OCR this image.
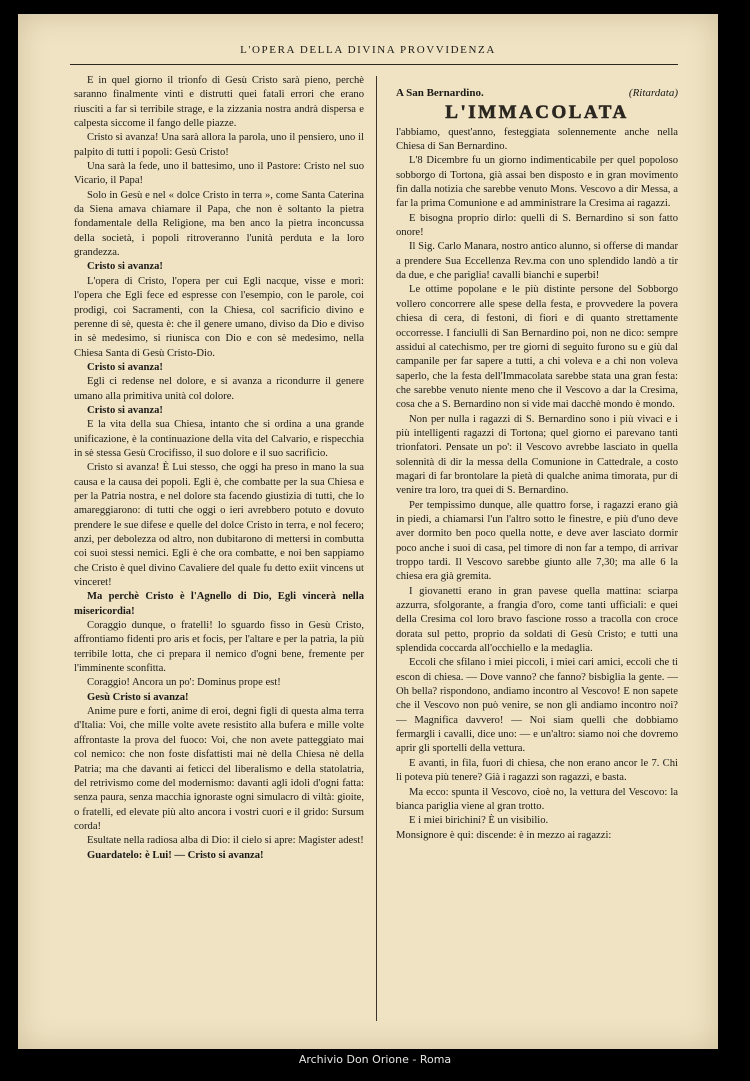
L'OPERA DELLA DIVINA PROVVIDENZA

E in quel giorno il trionfo di Gesù Cristo sarà pieno, perchè saranno finalmente vinti e distrutti quei fatali errori che erano riusciti a far sì terribile strage, e la zizzania nostra andrà dispersa e calpesta siccome il fango delle piazze.

Cristo si avanza! Una sarà allora la parola, uno il pensiero, uno il palpito di tutti i popoli: Gesù Cristo!

Una sarà la fede, uno il battesimo, uno il Pastore: Cristo nel suo Vicario, il Papa!

Solo in Gesù e nel « dolce Cristo in terra », come Santa Caterina da Siena amava chiamare il Papa, che non è soltanto la pietra fondamentale della Religione, ma ben anco la pietra inconcussa della società, i popoli ritroveranno l'unità perduta e la loro grandezza.

Cristo si avanza!

L'opera di Cristo, l'opera per cui Egli nacque, visse e morì: l'opera che Egli fece ed espresse con l'esempio, con le parole, coi prodigi, coi Sacramenti, con la Chiesa, col sacrificio divino e perenne di sè, questa è: che il genere umano, diviso da Dio e diviso in sè medesimo, si riunisca con Dio e con sè medesimo, nella Chiesa Santa di Gesù Cristo-Dio.

Cristo si avanza!

Egli ci redense nel dolore, e si avanza a ricondurre il genere umano alla primitiva unità col dolore.

Cristo si avanza!

E la vita della sua Chiesa, intanto che si ordina a una grande unificazione, è la continuazione della vita del Calvario, e rispecchia in sè stessa Gesù Crocifisso, il suo dolore e il suo sacrificio.

Cristo si avanza! È Lui stesso, che oggi ha preso in mano la sua causa e la causa dei popoli. Egli è, che combatte per la sua Chiesa e per la Patria nostra, e nel dolore sta facendo giustizia di tutti, che lo amareggiarono: di tutti che oggi o ieri avrebbero potuto e dovuto prendere le sue difese e quelle del dolce Cristo in terra, e nol fecero; anzi, per debolezza od altro, non dubitarono di mettersi in combutta coi suoi stessi nemici. Egli è che ora combatte, e noi ben sappiamo che Cristo è quel divino Cavaliere del quale fu detto exiit vincens ut vinceret!

Ma perchè Cristo è l'Agnello di Dio, Egli vincerà nella misericordia!

Coraggio dunque, o fratelli! lo sguardo fisso in Gesù Cristo, affrontiamo fidenti pro aris et focis, per l'altare e per la patria, la più terribile lotta, che ci prepara il nemico d'ogni bene, fremente per l'imminente sconfitta.

Coraggio! Ancora un po': Dominus prope est!

Gesù Cristo si avanza!

Anime pure e forti, anime di eroi, degni figli di questa alma terra d'Italia: Voi, che mille volte avete resistito alla bufera e mille volte affrontaste la prova del fuoco: Voi, che non avete patteggiato mai col nemico: che non foste disfattisti mai nè della Chiesa nè della Patria; ma che davanti ai feticci del liberalismo e della statolatria, del retrivismo come del modernismo: davanti agli idoli d'ogni fatta: senza paura, senza macchia ignoraste ogni simulacro di viltà: gioite, o fratelli, ed elevate più alto ancora i vostri cuori e il grido: Sursum corda!

Esultate nella radiosa alba di Dio: il cielo si apre: Magister adest!

Guardatelo: è Lui! — Cristo si avanza!

A San Bernardino.	(Ritardata)
L'IMMACOLATA

l'abbiamo, quest'anno, festeggiata solennemente anche nella Chiesa di San Bernardino.

L'8 Dicembre fu un giorno indimenticabile per quel popoloso sobborgo di Tortona, già assai ben disposto e in gran movimento fin dalla notizia che sarebbe venuto Mons. Vescovo a dir Messa, a far la prima Comunione e ad amministrare la Cresima ai ragazzi.

E bisogna proprio dirlo: quelli di S. Bernardino si son fatto onore!

Il Sig. Carlo Manara, nostro antico alunno, si offerse di mandar a prendere Sua Eccellenza Rev.ma con uno splendido landò a tir da due, e che pariglia! cavalli bianchi e superbi!

Le ottime popolane e le più distinte persone del Sobborgo vollero concorrere alle spese della festa, e provvedere la povera chiesa di cera, di festoni, di fiori e di quanto strettamente occorresse. I fanciulli di San Bernardino poi, non ne dico: sempre assidui al catechismo, per tre giorni di seguito furono su e giù dal campanile per far sapere a tutti, a chi voleva e a chi non voleva saperlo, che la festa dell'Immacolata sarebbe stata una gran festa: che sarebbe venuto niente meno che il Vescovo a dar la Cresima, cosa che a S. Bernardino non si vide mai dacchè mondo è mondo.

Non per nulla i ragazzi di S. Bernardino sono i più vivaci e i più intelligenti ragazzi di Tortona; quel giorno ei parevano tanti trionfatori. Pensate un po': il Vescovo avrebbe lasciato in quella solennità di dir la messa della Comunione in Cattedrale, a costo magari di far brontolare la pietà di qualche anima timorata, pur di venire tra loro, tra quei di S. Bernardino.

Per tempissimo dunque, alle quattro forse, i ragazzi erano già in piedi, a chiamarsi l'un l'altro sotto le finestre, e più d'uno deve aver dormito ben poco quella notte, e deve aver lasciato dormir poco anche i suoi di casa, pel timore di non far a tempo, di arrivar troppo tardi. Il Vescovo sarebbe giunto alle 7,30; ma alle 6 la chiesa era già gremita.

I giovanetti erano in gran pavese quella mattina: sciarpa azzurra, sfolgorante, a frangia d'oro, come tanti ufficiali: e quei della Cresima col loro bravo fascione rosso a tracolla con croce dorata sul petto, proprio da soldati di Gesù Cristo; e tutti una splendida coccarda all'occhiello e la medaglia.

Eccoli che sfilano i miei piccoli, i miei cari amici, eccoli che ti escon di chiesa. — Dove vanno? che fanno? bisbiglia la gente. — Oh bella? rispondono, andiamo incontro al Vescovo! E non sapete che il Vescovo non può venire, se non gli andiamo incontro noi? — Magnifica davvero! — Noi siam quelli che dobbiamo fermargli i cavalli, dice uno: — e un'altro: siamo noi che dovremo aprir gli sportelli della vettura.

E avanti, in fila, fuori di chiesa, che non erano ancor le 7. Chi li poteva più tenere? Già i ragazzi son ragazzi, e basta.

Ma ecco: spunta il Vescovo, cioè no, la vettura del Vescovo: la bianca pariglia viene al gran trotto.

E i miei birichini? È un visibilio.

Monsignore è qui: discende: è in mezzo ai ragazzi:

Archivio Don Orione - Roma
